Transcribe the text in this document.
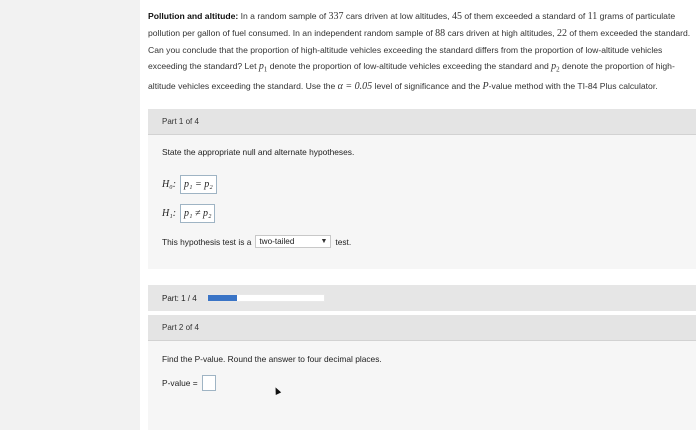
Pollution and altitude: In a random sample of 337 cars driven at low altitudes, 45 of them exceeded a standard of 11 grams of particulate pollution per gallon of fuel consumed. In an independent random sample of 88 cars driven at high altitudes, 22 of them exceeded the standard. Can you conclude that the proportion of high-altitude vehicles exceeding the standard differs from the proportion of low-altitude vehicles exceeding the standard? Let $p_1$ denote the proportion of low-altitude vehicles exceeding the standard and $p_2$ denote the proportion of high-altitude vehicles exceeding the standard. Use the α = 0.05 level of significance and the P-value method with the TI-84 Plus calculator.
Part 1 of 4
State the appropriate null and alternate hypotheses.
H₀: p₁ = p₂
H₁: p₁ ≠ p₂
This hypothesis test is a two-tailed	▼ test.
Part: 1 / 4
Part 2 of 4
Find the P-value. Round the answer to four decimal places.
P-value =
